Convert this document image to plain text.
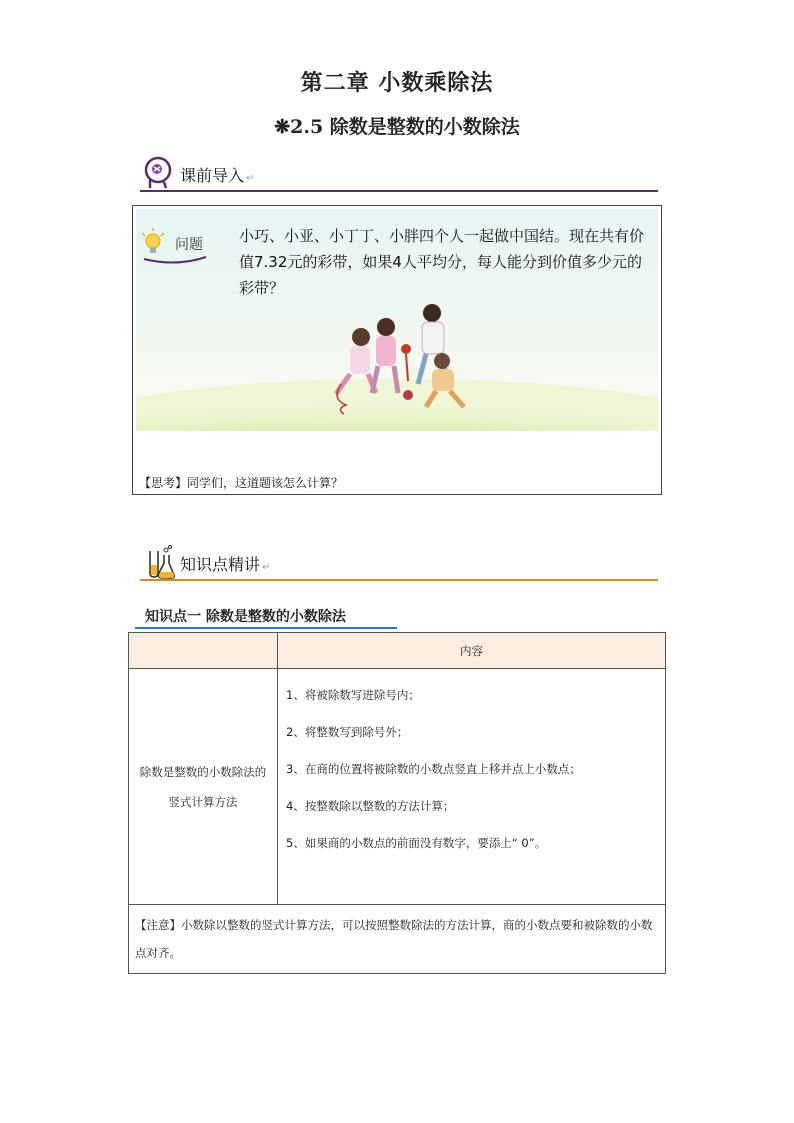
第二章 小数乘除法
❋2.5 除数是整数的小数除法
课前导入 ↵
问题 小巧、小亚、小丁丁、小胖四个人一起做中国结。现在共有价值7.32元的彩带，如果4人平均分，每人能分到价值多少元的彩带？
【思考】同学们，这道题该怎么计算？
知识点精讲 ↵
知识点一 除数是整数的小数除法
	内容
除数是整数的小数除法的竖式计算方法	1、将被除数写进除号内；

2、将整数写到除号外；

3、在商的位置将被除数的小数点竖直上移并点上小数点；

4、按整数除以整数的方法计算；

5、如果商的小数点的前面没有数字，要添上“ 0”。

【注意】小数除以整数的竖式计算方法，可以按照整数除法的方法计算，商的小数点要和被除数的小数点对齐。	
